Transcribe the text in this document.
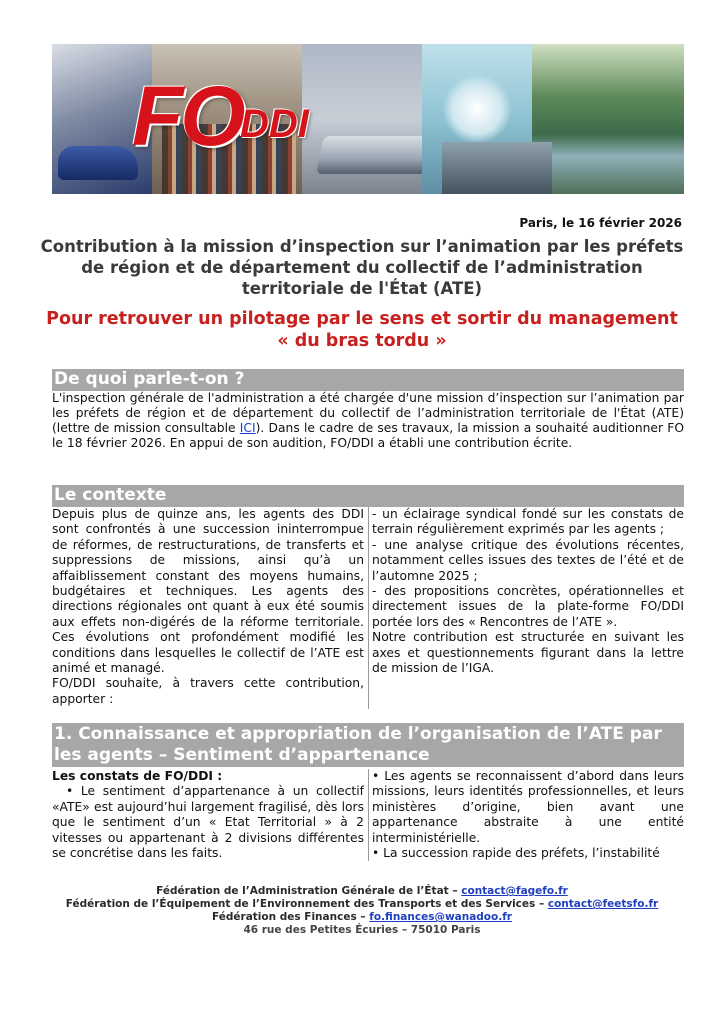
FO
DDI
Paris, le 16 février 2026
Contribution à la mission d’inspection sur l’animation par les préfets de région et de département du collectif de l’administration territoriale de l'État (ATE)
Pour retrouver un pilotage par le sens et sortir du management « du bras tordu »
De quoi parle-t-on ?
L'inspection générale de l'administration a été chargée d'une mission d’inspection sur l’animation par les préfets de région et de département du collectif de l’administration territoriale de l'État (ATE) (lettre de mission consultable ICI). Dans le cadre de ses travaux, la mission a souhaité auditionner FO le 18 février 2026. En appui de son audition, FO/DDI a établi une contribution écrite.
Le contexte

Depuis plus de quinze ans, les agents des DDI sont confrontés à une succession ininterrompue de réformes, de restructurations, de transferts et suppressions de missions, ainsi qu’à un affaiblissement constant des moyens humains, budgétaires et techniques. Les agents des directions régionales ont quant à eux été soumis aux effets non-digérés de la réforme territoriale. Ces évolutions ont profondément modifié les conditions dans lesquelles le collectif de l’ATE est animé et managé.

FO/DDI souhaite, à travers cette contribution, apporter :

- un éclairage syndical fondé sur les constats de terrain régulièrement exprimés par les agents ;

- une analyse critique des évolutions récentes, notamment celles issues des textes de l’été et de l’automne 2025 ;

- des propositions concrètes, opérationnelles et directement issues de la plate-forme FO/DDI portée lors des « Rencontres de l’ATE ».

Notre contribution est structurée en suivant les axes et questionnements figurant dans la lettre de mission de l’IGA.

1. Connaissance et appropriation de l’organisation de l’ATE par les agents – Sentiment d’appartenance

Les constats de FO/DDI :

• Le sentiment d’appartenance à un collectif «ATE» est aujourd’hui largement fragilisé, dès lors que le sentiment d’un « Etat Territorial » à 2 vitesses ou appartenant à 2 divisions différentes se concrétise dans les faits.

• Les agents se reconnaissent d’abord dans leurs missions, leurs identités professionnelles, et leurs ministères d’origine, bien avant une appartenance abstraite à une entité interministérielle.

• La succession rapide des préfets, l’instabilité

Fédération de l’Administration Générale de l’État – contact@fagefo.fr
Fédération de l’Équipement de l’Environnement des Transports et des Services – contact@feetsfo.fr
Fédération des Finances – fo.finances@wanadoo.fr
46 rue des Petites Écuries – 75010 Paris
